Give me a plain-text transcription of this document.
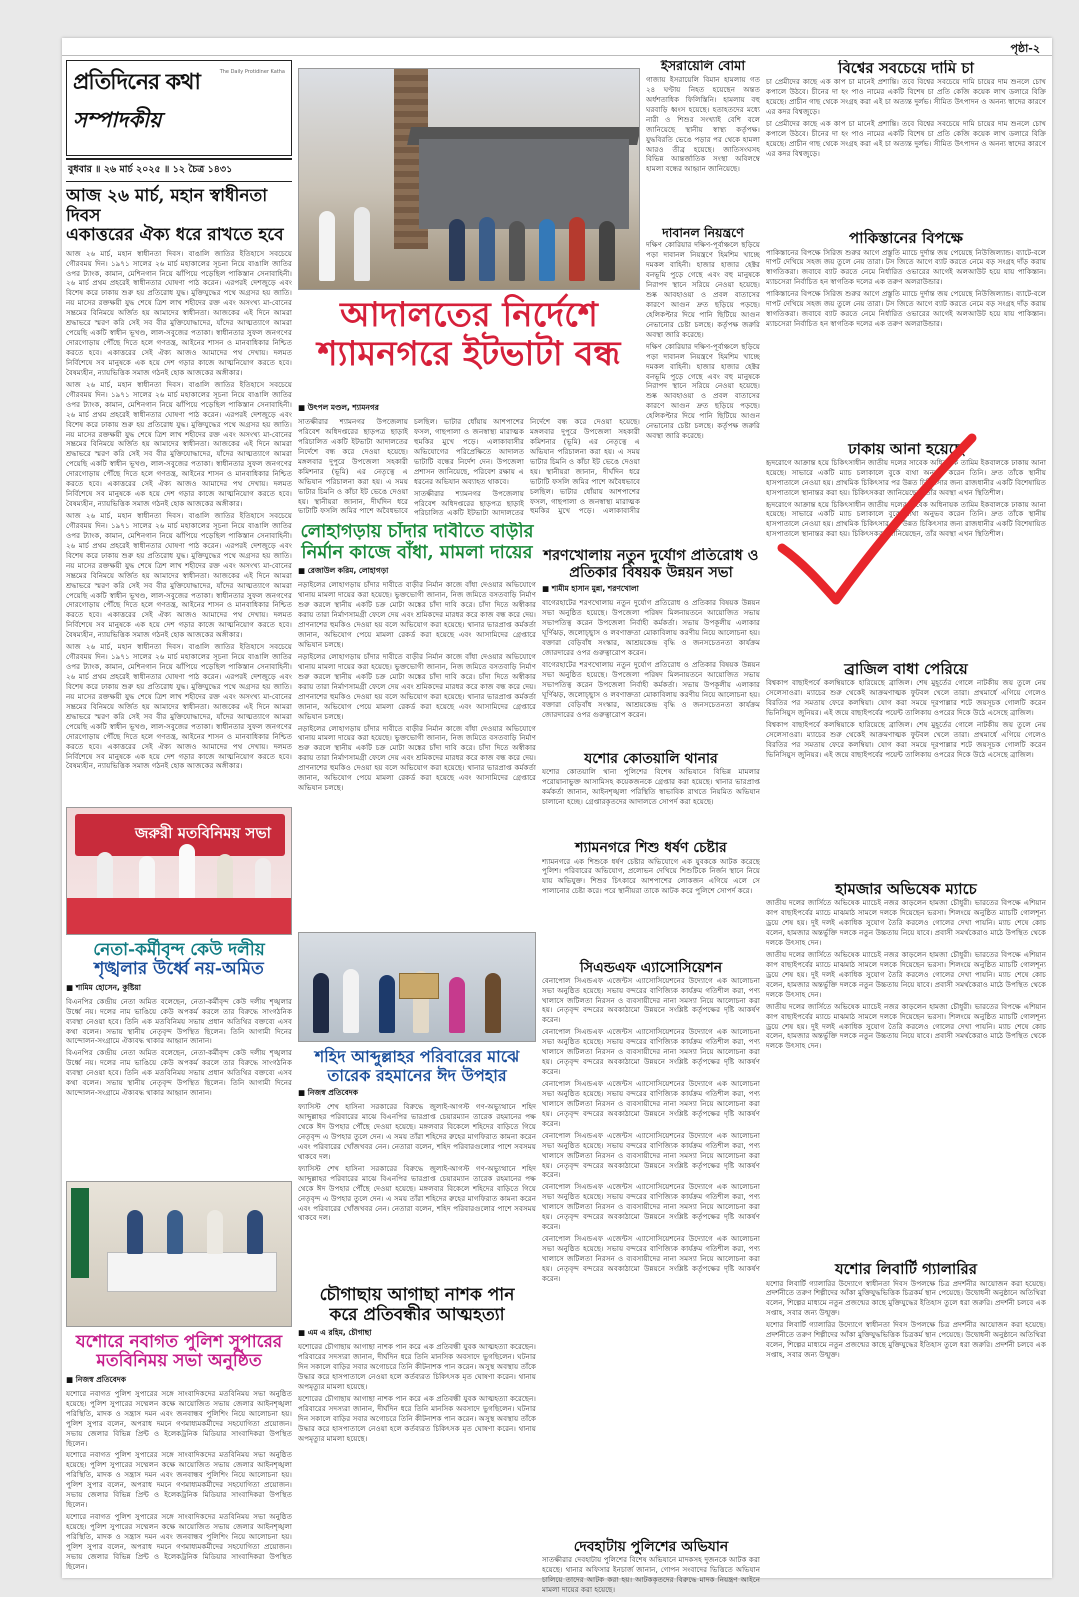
পৃষ্ঠা-২
প্রতিদিনের কথা	The Daily Protidiner Katha
সম্পাদকীয়
বুধবার ॥ ২৬ মার্চ ২০২৫ ॥ ১২ চৈত্র ১৪৩১
আজ ২৬ মার্চ, মহান স্বাধীনতা দিবস
একাত্তরের ঐক্য ধরে রাখতে হবে

আজ ২৬ মার্চ, মহান স্বাধীনতা দিবস। বাঙালি জাতির ইতিহাসে সবচেয়ে গৌরবময় দিন। ১৯৭১ সালের ২৬ মার্চ মহাকালের সূচনা নিয়ে বাঙালি জাতির ওপর ট্যাংক, কামান, মেশিনগান নিয়ে ঝাঁপিয়ে পড়েছিল পাকিস্তান সেনাবাহিনী। ২৬ মার্চ প্রথম প্রহরেই স্বাধীনতার ঘোষণা পাঠ করেন। এরপরই দেশজুড়ে এবং বিশেষ করে ঢাকায় শুরু হয় প্রতিরোধ যুদ্ধ। মুক্তিযুদ্ধের পথে অগ্রসর হয় জাতি। নয় মাসের রক্তক্ষয়ী যুদ্ধ শেষে ত্রিশ লাখ শহীদের রক্ত এবং অসংখ্য মা-বোনের সম্ভ্রমের বিনিময়ে অর্জিত হয় আমাদের স্বাধীনতা। আজকের এই দিনে আমরা শ্রদ্ধাভরে স্মরণ করি সেই সব বীর মুক্তিযোদ্ধাদের, যাঁদের আত্মত্যাগে আমরা পেয়েছি একটি স্বাধীন ভূখণ্ড, লাল-সবুজের পতাকা। স্বাধীনতার সুফল জনগণের দোরগোড়ায় পৌঁছে দিতে হলে গণতন্ত্র, আইনের শাসন ও মানবাধিকার নিশ্চিত করতে হবে। একাত্তরের সেই ঐক্য আজও আমাদের পথ দেখায়। দলমত নির্বিশেষে সব মানুষকে এক হয়ে দেশ গড়ার কাজে আত্মনিয়োগ করতে হবে। বৈষম্যহীন, ন্যায়ভিত্তিক সমাজ গঠনই হোক আজকের অঙ্গীকার।

আজ ২৬ মার্চ, মহান স্বাধীনতা দিবস। বাঙালি জাতির ইতিহাসে সবচেয়ে গৌরবময় দিন। ১৯৭১ সালের ২৬ মার্চ মহাকালের সূচনা নিয়ে বাঙালি জাতির ওপর ট্যাংক, কামান, মেশিনগান নিয়ে ঝাঁপিয়ে পড়েছিল পাকিস্তান সেনাবাহিনী। ২৬ মার্চ প্রথম প্রহরেই স্বাধীনতার ঘোষণা পাঠ করেন। এরপরই দেশজুড়ে এবং বিশেষ করে ঢাকায় শুরু হয় প্রতিরোধ যুদ্ধ। মুক্তিযুদ্ধের পথে অগ্রসর হয় জাতি। নয় মাসের রক্তক্ষয়ী যুদ্ধ শেষে ত্রিশ লাখ শহীদের রক্ত এবং অসংখ্য মা-বোনের সম্ভ্রমের বিনিময়ে অর্জিত হয় আমাদের স্বাধীনতা। আজকের এই দিনে আমরা শ্রদ্ধাভরে স্মরণ করি সেই সব বীর মুক্তিযোদ্ধাদের, যাঁদের আত্মত্যাগে আমরা পেয়েছি একটি স্বাধীন ভূখণ্ড, লাল-সবুজের পতাকা। স্বাধীনতার সুফল জনগণের দোরগোড়ায় পৌঁছে দিতে হলে গণতন্ত্র, আইনের শাসন ও মানবাধিকার নিশ্চিত করতে হবে। একাত্তরের সেই ঐক্য আজও আমাদের পথ দেখায়। দলমত নির্বিশেষে সব মানুষকে এক হয়ে দেশ গড়ার কাজে আত্মনিয়োগ করতে হবে। বৈষম্যহীন, ন্যায়ভিত্তিক সমাজ গঠনই হোক আজকের অঙ্গীকার।

আজ ২৬ মার্চ, মহান স্বাধীনতা দিবস। বাঙালি জাতির ইতিহাসে সবচেয়ে গৌরবময় দিন। ১৯৭১ সালের ২৬ মার্চ মহাকালের সূচনা নিয়ে বাঙালি জাতির ওপর ট্যাংক, কামান, মেশিনগান নিয়ে ঝাঁপিয়ে পড়েছিল পাকিস্তান সেনাবাহিনী। ২৬ মার্চ প্রথম প্রহরেই স্বাধীনতার ঘোষণা পাঠ করেন। এরপরই দেশজুড়ে এবং বিশেষ করে ঢাকায় শুরু হয় প্রতিরোধ যুদ্ধ। মুক্তিযুদ্ধের পথে অগ্রসর হয় জাতি। নয় মাসের রক্তক্ষয়ী যুদ্ধ শেষে ত্রিশ লাখ শহীদের রক্ত এবং অসংখ্য মা-বোনের সম্ভ্রমের বিনিময়ে অর্জিত হয় আমাদের স্বাধীনতা। আজকের এই দিনে আমরা শ্রদ্ধাভরে স্মরণ করি সেই সব বীর মুক্তিযোদ্ধাদের, যাঁদের আত্মত্যাগে আমরা পেয়েছি একটি স্বাধীন ভূখণ্ড, লাল-সবুজের পতাকা। স্বাধীনতার সুফল জনগণের দোরগোড়ায় পৌঁছে দিতে হলে গণতন্ত্র, আইনের শাসন ও মানবাধিকার নিশ্চিত করতে হবে। একাত্তরের সেই ঐক্য আজও আমাদের পথ দেখায়। দলমত নির্বিশেষে সব মানুষকে এক হয়ে দেশ গড়ার কাজে আত্মনিয়োগ করতে হবে। বৈষম্যহীন, ন্যায়ভিত্তিক সমাজ গঠনই হোক আজকের অঙ্গীকার।

আজ ২৬ মার্চ, মহান স্বাধীনতা দিবস। বাঙালি জাতির ইতিহাসে সবচেয়ে গৌরবময় দিন। ১৯৭১ সালের ২৬ মার্চ মহাকালের সূচনা নিয়ে বাঙালি জাতির ওপর ট্যাংক, কামান, মেশিনগান নিয়ে ঝাঁপিয়ে পড়েছিল পাকিস্তান সেনাবাহিনী। ২৬ মার্চ প্রথম প্রহরেই স্বাধীনতার ঘোষণা পাঠ করেন। এরপরই দেশজুড়ে এবং বিশেষ করে ঢাকায় শুরু হয় প্রতিরোধ যুদ্ধ। মুক্তিযুদ্ধের পথে অগ্রসর হয় জাতি। নয় মাসের রক্তক্ষয়ী যুদ্ধ শেষে ত্রিশ লাখ শহীদের রক্ত এবং অসংখ্য মা-বোনের সম্ভ্রমের বিনিময়ে অর্জিত হয় আমাদের স্বাধীনতা। আজকের এই দিনে আমরা শ্রদ্ধাভরে স্মরণ করি সেই সব বীর মুক্তিযোদ্ধাদের, যাঁদের আত্মত্যাগে আমরা পেয়েছি একটি স্বাধীন ভূখণ্ড, লাল-সবুজের পতাকা। স্বাধীনতার সুফল জনগণের দোরগোড়ায় পৌঁছে দিতে হলে গণতন্ত্র, আইনের শাসন ও মানবাধিকার নিশ্চিত করতে হবে। একাত্তরের সেই ঐক্য আজও আমাদের পথ দেখায়। দলমত নির্বিশেষে সব মানুষকে এক হয়ে দেশ গড়ার কাজে আত্মনিয়োগ করতে হবে। বৈষম্যহীন, ন্যায়ভিত্তিক সমাজ গঠনই হোক আজকের অঙ্গীকার।

জরুরী মতবিনিময় সভা
নেতা-কর্মীবৃন্দ কেউ দলীয়
শৃঙ্খলার উর্ধ্বে নয়-অমিত
■ শামিম হোসেন, কুষ্টিয়া

বিএনপির কেন্দ্রীয় নেতা অমিত বলেছেন, নেতা-কর্মীবৃন্দ কেউ দলীয় শৃঙ্খলার উর্ধ্বে নয়। দলের নাম ভাঙিয়ে কেউ অপকর্ম করলে তার বিরুদ্ধে সাংগঠনিক ব্যবস্থা নেওয়া হবে। তিনি এক মতবিনিময় সভায় প্রধান অতিথির বক্তব্যে এসব কথা বলেন। সভায় স্থানীয় নেতৃবৃন্দ উপস্থিত ছিলেন। তিনি আগামী দিনের আন্দোলন-সংগ্রামে ঐক্যবদ্ধ থাকার আহ্বান জানান।

বিএনপির কেন্দ্রীয় নেতা অমিত বলেছেন, নেতা-কর্মীবৃন্দ কেউ দলীয় শৃঙ্খলার উর্ধ্বে নয়। দলের নাম ভাঙিয়ে কেউ অপকর্ম করলে তার বিরুদ্ধে সাংগঠনিক ব্যবস্থা নেওয়া হবে। তিনি এক মতবিনিময় সভায় প্রধান অতিথির বক্তব্যে এসব কথা বলেন। সভায় স্থানীয় নেতৃবৃন্দ উপস্থিত ছিলেন। তিনি আগামী দিনের আন্দোলন-সংগ্রামে ঐক্যবদ্ধ থাকার আহ্বান জানান।

যশোরে নবাগত পুলিশ সুপারের
মতবিনিময় সভা অনুষ্ঠিত
■ নিজস্ব প্রতিবেদক

যশোরে নবাগত পুলিশ সুপারের সঙ্গে সাংবাদিকদের মতবিনিময় সভা অনুষ্ঠিত হয়েছে। পুলিশ সুপারের সম্মেলন কক্ষে আয়োজিত সভায় জেলার আইনশৃঙ্খলা পরিস্থিতি, মাদক ও সন্ত্রাস দমন এবং জনবান্ধব পুলিশিং নিয়ে আলোচনা হয়। পুলিশ সুপার বলেন, অপরাধ দমনে গণমাধ্যমকর্মীদের সহযোগিতা প্রয়োজন। সভায় জেলার বিভিন্ন প্রিন্ট ও ইলেকট্রনিক মিডিয়ার সাংবাদিকরা উপস্থিত ছিলেন।

যশোরে নবাগত পুলিশ সুপারের সঙ্গে সাংবাদিকদের মতবিনিময় সভা অনুষ্ঠিত হয়েছে। পুলিশ সুপারের সম্মেলন কক্ষে আয়োজিত সভায় জেলার আইনশৃঙ্খলা পরিস্থিতি, মাদক ও সন্ত্রাস দমন এবং জনবান্ধব পুলিশিং নিয়ে আলোচনা হয়। পুলিশ সুপার বলেন, অপরাধ দমনে গণমাধ্যমকর্মীদের সহযোগিতা প্রয়োজন। সভায় জেলার বিভিন্ন প্রিন্ট ও ইলেকট্রনিক মিডিয়ার সাংবাদিকরা উপস্থিত ছিলেন।

যশোরে নবাগত পুলিশ সুপারের সঙ্গে সাংবাদিকদের মতবিনিময় সভা অনুষ্ঠিত হয়েছে। পুলিশ সুপারের সম্মেলন কক্ষে আয়োজিত সভায় জেলার আইনশৃঙ্খলা পরিস্থিতি, মাদক ও সন্ত্রাস দমন এবং জনবান্ধব পুলিশিং নিয়ে আলোচনা হয়। পুলিশ সুপার বলেন, অপরাধ দমনে গণমাধ্যমকর্মীদের সহযোগিতা প্রয়োজন। সভায় জেলার বিভিন্ন প্রিন্ট ও ইলেকট্রনিক মিডিয়ার সাংবাদিকরা উপস্থিত ছিলেন।

ইসরায়েলি বোমা

গাজায় ইসরায়েলি বিমান হামলায় গত ২৪ ঘণ্টায় নিহত হয়েছেন অন্তত অর্ধশতাধিক ফিলিস্তিনি। হামলায় বহু ঘরবাড়ি ধ্বংস হয়েছে। হতাহতদের মধ্যে নারী ও শিশুর সংখ্যাই বেশি বলে জানিয়েছে স্থানীয় স্বাস্থ্য কর্তৃপক্ষ। যুদ্ধবিরতি ভেঙে পড়ার পর থেকে হামলা আরও তীব্র হয়েছে। জাতিসংঘসহ বিভিন্ন আন্তর্জাতিক সংস্থা অবিলম্বে হামলা বন্ধের আহ্বান জানিয়েছে।

দাবানল নিয়ন্ত্রণে

দক্ষিণ কোরিয়ার দক্ষিণ-পূর্বাঞ্চলে ছড়িয়ে পড়া দাবানল নিয়ন্ত্রণে হিমশিম খাচ্ছে দমকল বাহিনী। হাজার হাজার হেক্টর বনভূমি পুড়ে গেছে এবং বহু মানুষকে নিরাপদ স্থানে সরিয়ে নেওয়া হয়েছে। শুষ্ক আবহাওয়া ও প্রবল বাতাসের কারণে আগুন দ্রুত ছড়িয়ে পড়ছে। হেলিকপ্টার দিয়ে পানি ছিটিয়ে আগুন নেভানোর চেষ্টা চলছে। কর্তৃপক্ষ জরুরি অবস্থা জারি করেছে।

দক্ষিণ কোরিয়ার দক্ষিণ-পূর্বাঞ্চলে ছড়িয়ে পড়া দাবানল নিয়ন্ত্রণে হিমশিম খাচ্ছে দমকল বাহিনী। হাজার হাজার হেক্টর বনভূমি পুড়ে গেছে এবং বহু মানুষকে নিরাপদ স্থানে সরিয়ে নেওয়া হয়েছে। শুষ্ক আবহাওয়া ও প্রবল বাতাসের কারণে আগুন দ্রুত ছড়িয়ে পড়ছে। হেলিকপ্টার দিয়ে পানি ছিটিয়ে আগুন নেভানোর চেষ্টা চলছে। কর্তৃপক্ষ জরুরি অবস্থা জারি করেছে।

আদালতের নির্দেশে
শ্যামনগরে ইটভাটা বন্ধ
■ উৎপল মণ্ডল, শ্যামনগর

সাতক্ষীরার শ্যামনগর উপজেলায় পরিবেশ অধিদপ্তরের ছাড়পত্র ছাড়াই পরিচালিত একটি ইটভাটা আদালতের নির্দেশে বন্ধ করে দেওয়া হয়েছে। মঙ্গলবার দুপুরে উপজেলা সহকারী কমিশনার (ভূমি) এর নেতৃত্বে এ অভিযান পরিচালনা করা হয়। এ সময় ভাটার চিমনি ও কাঁচা ইট ভেঙে দেওয়া হয়। স্থানীয়রা জানান, দীর্ঘদিন ধরে ভাটাটি ফসলি জমির পাশে অবৈধভাবে চলছিল। ভাটার ধোঁয়ায় আশপাশের ফসল, গাছপালা ও জনস্বাস্থ্য মারাত্মক হুমকির মুখে পড়ে। এলাকাবাসীর অভিযোগের পরিপ্রেক্ষিতে আদালত ভাটাটি বন্ধের নির্দেশ দেন। উপজেলা প্রশাসন জানিয়েছে, পরিবেশ রক্ষায় এ ধরনের অভিযান অব্যাহত থাকবে।

সাতক্ষীরার শ্যামনগর উপজেলায় পরিবেশ অধিদপ্তরের ছাড়পত্র ছাড়াই পরিচালিত একটি ইটভাটা আদালতের নির্দেশে বন্ধ করে দেওয়া হয়েছে। মঙ্গলবার দুপুরে উপজেলা সহকারী কমিশনার (ভূমি) এর নেতৃত্বে এ অভিযান পরিচালনা করা হয়। এ সময় ভাটার চিমনি ও কাঁচা ইট ভেঙে দেওয়া হয়। স্থানীয়রা জানান, দীর্ঘদিন ধরে ভাটাটি ফসলি জমির পাশে অবৈধভাবে চলছিল। ভাটার ধোঁয়ায় আশপাশের ফসল, গাছপালা ও জনস্বাস্থ্য মারাত্মক হুমকির মুখে পড়ে। এলাকাবাসীর

লোহাগড়ায় চাঁদার দাবীতে বাড়ীর
নির্মান কাজে বাঁধা, মামলা দায়ের
■ রেজাউল করিম, লোহাগড়া

নড়াইলের লোহাগড়ায় চাঁদার দাবীতে বাড়ীর নির্মান কাজে বাঁধা দেওয়ার অভিযোগে থানায় মামলা দায়ের করা হয়েছে। ভুক্তভোগী জানান, নিজ জমিতে বসতবাড়ি নির্মাণ শুরু করলে স্থানীয় একটি চক্র মোটা অঙ্কের চাঁদা দাবি করে। চাঁদা দিতে অস্বীকার করায় তারা নির্মাণসামগ্রী ফেলে দেয় এবং শ্রমিকদের মারধর করে কাজ বন্ধ করে দেয়। প্রাণনাশের হুমকিও দেওয়া হয় বলে অভিযোগ করা হয়েছে। থানার ভারপ্রাপ্ত কর্মকর্তা জানান, অভিযোগ পেয়ে মামলা রেকর্ড করা হয়েছে এবং আসামিদের গ্রেপ্তারে অভিযান চলছে।

নড়াইলের লোহাগড়ায় চাঁদার দাবীতে বাড়ীর নির্মান কাজে বাঁধা দেওয়ার অভিযোগে থানায় মামলা দায়ের করা হয়েছে। ভুক্তভোগী জানান, নিজ জমিতে বসতবাড়ি নির্মাণ শুরু করলে স্থানীয় একটি চক্র মোটা অঙ্কের চাঁদা দাবি করে। চাঁদা দিতে অস্বীকার করায় তারা নির্মাণসামগ্রী ফেলে দেয় এবং শ্রমিকদের মারধর করে কাজ বন্ধ করে দেয়। প্রাণনাশের হুমকিও দেওয়া হয় বলে অভিযোগ করা হয়েছে। থানার ভারপ্রাপ্ত কর্মকর্তা জানান, অভিযোগ পেয়ে মামলা রেকর্ড করা হয়েছে এবং আসামিদের গ্রেপ্তারে অভিযান চলছে।

নড়াইলের লোহাগড়ায় চাঁদার দাবীতে বাড়ীর নির্মান কাজে বাঁধা দেওয়ার অভিযোগে থানায় মামলা দায়ের করা হয়েছে। ভুক্তভোগী জানান, নিজ জমিতে বসতবাড়ি নির্মাণ শুরু করলে স্থানীয় একটি চক্র মোটা অঙ্কের চাঁদা দাবি করে। চাঁদা দিতে অস্বীকার করায় তারা নির্মাণসামগ্রী ফেলে দেয় এবং শ্রমিকদের মারধর করে কাজ বন্ধ করে দেয়। প্রাণনাশের হুমকিও দেওয়া হয় বলে অভিযোগ করা হয়েছে। থানার ভারপ্রাপ্ত কর্মকর্তা জানান, অভিযোগ পেয়ে মামলা রেকর্ড করা হয়েছে এবং আসামিদের গ্রেপ্তারে অভিযান চলছে।

শহিদ আব্দুল্লাহর পরিবারের মাঝে
তারেক রহমানের ঈদ উপহার
■ নিজস্ব প্রতিবেদক

ফ্যাসিস্ট শেখ হাসিনা সরকারের বিরুদ্ধে জুলাই-আগস্ট গণ-অভ্যুত্থানে শহিদ আব্দুল্লাহর পরিবারের মাঝে বিএনপির ভারপ্রাপ্ত চেয়ারম্যান তারেক রহমানের পক্ষ থেকে ঈদ উপহার পৌঁছে দেওয়া হয়েছে। মঙ্গলবার বিকেলে শহিদের বাড়িতে গিয়ে নেতৃবৃন্দ এ উপহার তুলে দেন। এ সময় তাঁরা শহিদের রুহের মাগফিরাত কামনা করেন এবং পরিবারের খোঁজখবর নেন। নেতারা বলেন, শহিদ পরিবারগুলোর পাশে সবসময় থাকবে দল।

ফ্যাসিস্ট শেখ হাসিনা সরকারের বিরুদ্ধে জুলাই-আগস্ট গণ-অভ্যুত্থানে শহিদ আব্দুল্লাহর পরিবারের মাঝে বিএনপির ভারপ্রাপ্ত চেয়ারম্যান তারেক রহমানের পক্ষ থেকে ঈদ উপহার পৌঁছে দেওয়া হয়েছে। মঙ্গলবার বিকেলে শহিদের বাড়িতে গিয়ে নেতৃবৃন্দ এ উপহার তুলে দেন। এ সময় তাঁরা শহিদের রুহের মাগফিরাত কামনা করেন এবং পরিবারের খোঁজখবর নেন। নেতারা বলেন, শহিদ পরিবারগুলোর পাশে সবসময় থাকবে দল।

চৌগাছায় আগাছা নাশক পান
করে প্রতিবন্ধীর আত্মহত্যা
■ এম এ রহিম, চৌগাছা

যশোরের চৌগাছায় আগাছা নাশক পান করে এক প্রতিবন্ধী যুবক আত্মহত্যা করেছেন। পরিবারের সদস্যরা জানান, দীর্ঘদিন ধরে তিনি মানসিক অবসাদে ভুগছিলেন। ঘটনার দিন সকালে বাড়ির সবার অগোচরে তিনি কীটনাশক পান করেন। অসুস্থ অবস্থায় তাঁকে উদ্ধার করে হাসপাতালে নেওয়া হলে কর্তব্যরত চিকিৎসক মৃত ঘোষণা করেন। থানায় অপমৃত্যুর মামলা হয়েছে।

যশোরের চৌগাছায় আগাছা নাশক পান করে এক প্রতিবন্ধী যুবক আত্মহত্যা করেছেন। পরিবারের সদস্যরা জানান, দীর্ঘদিন ধরে তিনি মানসিক অবসাদে ভুগছিলেন। ঘটনার দিন সকালে বাড়ির সবার অগোচরে তিনি কীটনাশক পান করেন। অসুস্থ অবস্থায় তাঁকে উদ্ধার করে হাসপাতালে নেওয়া হলে কর্তব্যরত চিকিৎসক মৃত ঘোষণা করেন। থানায় অপমৃত্যুর মামলা হয়েছে।

শরণখোলায় নতুন দুর্যোগ প্রতিরোধ ও
প্রতিকার বিষয়ক উন্নয়ন সভা
■ শামীম হাসান মুন্না, শরণখোলা

বাগেরহাটের শরণখোলায় নতুন দুর্যোগ প্রতিরোধ ও প্রতিকার বিষয়ক উন্নয়ন সভা অনুষ্ঠিত হয়েছে। উপজেলা পরিষদ মিলনায়তনে আয়োজিত সভায় সভাপতিত্ব করেন উপজেলা নির্বাহী কর্মকর্তা। সভায় উপকূলীয় এলাকার ঘূর্ণিঝড়, জলোচ্ছ্বাস ও লবণাক্ততা মোকাবিলায় করণীয় নিয়ে আলোচনা হয়। বক্তারা বেড়িবাঁধ সংস্কার, আশ্রয়কেন্দ্র বৃদ্ধি ও জনসচেতনতা কার্যক্রম জোরদারের ওপর গুরুত্বারোপ করেন।

বাগেরহাটের শরণখোলায় নতুন দুর্যোগ প্রতিরোধ ও প্রতিকার বিষয়ক উন্নয়ন সভা অনুষ্ঠিত হয়েছে। উপজেলা পরিষদ মিলনায়তনে আয়োজিত সভায় সভাপতিত্ব করেন উপজেলা নির্বাহী কর্মকর্তা। সভায় উপকূলীয় এলাকার ঘূর্ণিঝড়, জলোচ্ছ্বাস ও লবণাক্ততা মোকাবিলায় করণীয় নিয়ে আলোচনা হয়। বক্তারা বেড়িবাঁধ সংস্কার, আশ্রয়কেন্দ্র বৃদ্ধি ও জনসচেতনতা কার্যক্রম জোরদারের ওপর গুরুত্বারোপ করেন।

যশোর কোতয়ালি থানার

যশোর কোতয়ালি থানা পুলিশের বিশেষ অভিযানে বিভিন্ন মামলার পরোয়ানাভুক্ত আসামিসহ কয়েকজনকে গ্রেপ্তার করা হয়েছে। থানার ভারপ্রাপ্ত কর্মকর্তা জানান, আইনশৃঙ্খলা পরিস্থিতি স্বাভাবিক রাখতে নিয়মিত অভিযান চালানো হচ্ছে। গ্রেপ্তারকৃতদের আদালতে সোপর্দ করা হয়েছে।

শ্যামনগরে শিশু ধর্ষণ চেষ্টার

শ্যামনগরে এক শিশুকে ধর্ষণ চেষ্টার অভিযোগে এক যুবককে আটক করেছে পুলিশ। পরিবারের অভিযোগ, প্রলোভন দেখিয়ে শিশুটিকে নির্জন স্থানে নিয়ে যায় অভিযুক্ত। শিশুর চিৎকারে আশপাশের লোকজন এগিয়ে এলে সে পালানোর চেষ্টা করে। পরে স্থানীয়রা তাকে আটক করে পুলিশে সোপর্দ করে।

সিএন্ডএফ এ্যাসোসিয়েশন

বেনাপোল সিএন্ডএফ এজেন্টস এ্যাসোসিয়েশনের উদ্যোগে এক আলোচনা সভা অনুষ্ঠিত হয়েছে। সভায় বন্দরের বাণিজ্যিক কার্যক্রম গতিশীল করা, পণ্য খালাসে জটিলতা নিরসন ও ব্যবসায়ীদের নানা সমস্যা নিয়ে আলোচনা করা হয়। নেতৃবৃন্দ বন্দরের অবকাঠামো উন্নয়নে সংশ্লিষ্ট কর্তৃপক্ষের দৃষ্টি আকর্ষণ করেন।

বেনাপোল সিএন্ডএফ এজেন্টস এ্যাসোসিয়েশনের উদ্যোগে এক আলোচনা সভা অনুষ্ঠিত হয়েছে। সভায় বন্দরের বাণিজ্যিক কার্যক্রম গতিশীল করা, পণ্য খালাসে জটিলতা নিরসন ও ব্যবসায়ীদের নানা সমস্যা নিয়ে আলোচনা করা হয়। নেতৃবৃন্দ বন্দরের অবকাঠামো উন্নয়নে সংশ্লিষ্ট কর্তৃপক্ষের দৃষ্টি আকর্ষণ করেন।

বেনাপোল সিএন্ডএফ এজেন্টস এ্যাসোসিয়েশনের উদ্যোগে এক আলোচনা সভা অনুষ্ঠিত হয়েছে। সভায় বন্দরের বাণিজ্যিক কার্যক্রম গতিশীল করা, পণ্য খালাসে জটিলতা নিরসন ও ব্যবসায়ীদের নানা সমস্যা নিয়ে আলোচনা করা হয়। নেতৃবৃন্দ বন্দরের অবকাঠামো উন্নয়নে সংশ্লিষ্ট কর্তৃপক্ষের দৃষ্টি আকর্ষণ করেন।

বেনাপোল সিএন্ডএফ এজেন্টস এ্যাসোসিয়েশনের উদ্যোগে এক আলোচনা সভা অনুষ্ঠিত হয়েছে। সভায় বন্দরের বাণিজ্যিক কার্যক্রম গতিশীল করা, পণ্য খালাসে জটিলতা নিরসন ও ব্যবসায়ীদের নানা সমস্যা নিয়ে আলোচনা করা হয়। নেতৃবৃন্দ বন্দরের অবকাঠামো উন্নয়নে সংশ্লিষ্ট কর্তৃপক্ষের দৃষ্টি আকর্ষণ করেন।

বেনাপোল সিএন্ডএফ এজেন্টস এ্যাসোসিয়েশনের উদ্যোগে এক আলোচনা সভা অনুষ্ঠিত হয়েছে। সভায় বন্দরের বাণিজ্যিক কার্যক্রম গতিশীল করা, পণ্য খালাসে জটিলতা নিরসন ও ব্যবসায়ীদের নানা সমস্যা নিয়ে আলোচনা করা হয়। নেতৃবৃন্দ বন্দরের অবকাঠামো উন্নয়নে সংশ্লিষ্ট কর্তৃপক্ষের দৃষ্টি আকর্ষণ করেন।

বেনাপোল সিএন্ডএফ এজেন্টস এ্যাসোসিয়েশনের উদ্যোগে এক আলোচনা সভা অনুষ্ঠিত হয়েছে। সভায় বন্দরের বাণিজ্যিক কার্যক্রম গতিশীল করা, পণ্য খালাসে জটিলতা নিরসন ও ব্যবসায়ীদের নানা সমস্যা নিয়ে আলোচনা করা হয়। নেতৃবৃন্দ বন্দরের অবকাঠামো উন্নয়নে সংশ্লিষ্ট কর্তৃপক্ষের দৃষ্টি আকর্ষণ করেন।

দেবহাটায় পুলিশের অভিযান

সাতক্ষীরার দেবহাটায় পুলিশের বিশেষ অভিযানে মাদকসহ দুজনকে আটক করা হয়েছে। থানার অফিসার ইনচার্জ জানান, গোপন সংবাদের ভিত্তিতে অভিযান চালিয়ে তাদের আটক করা হয়। আটককৃতদের বিরুদ্ধে মাদক নিয়ন্ত্রণ আইনে মামলা দায়ের করা হয়েছে।

বিশ্বের সবচেয়ে দামি চা

চা প্রেমীদের কাছে এক কাপ চা মানেই প্রশান্তি। তবে বিশ্বের সবচেয়ে দামি চায়ের দাম শুনলে চোখ কপালে উঠবে। চীনের দা হং পাও নামের একটি বিশেষ চা প্রতি কেজি কয়েক লাখ ডলারে বিক্রি হয়েছে। প্রাচীন গাছ থেকে সংগ্রহ করা এই চা অত্যন্ত দুর্লভ। সীমিত উৎপাদন ও অনন্য স্বাদের কারণে এর কদর বিশ্বজুড়ে।

চা প্রেমীদের কাছে এক কাপ চা মানেই প্রশান্তি। তবে বিশ্বের সবচেয়ে দামি চায়ের দাম শুনলে চোখ কপালে উঠবে। চীনের দা হং পাও নামের একটি বিশেষ চা প্রতি কেজি কয়েক লাখ ডলারে বিক্রি হয়েছে। প্রাচীন গাছ থেকে সংগ্রহ করা এই চা অত্যন্ত দুর্লভ। সীমিত উৎপাদন ও অনন্য স্বাদের কারণে এর কদর বিশ্বজুড়ে।

পাকিস্তানের বিপক্ষে

পাকিস্তানের বিপক্ষে সিরিজ শুরুর আগে প্রস্তুতি ম্যাচে দুর্দান্ত জয় পেয়েছে নিউজিল্যান্ড। ব্যাটে-বলে দাপট দেখিয়ে সহজ জয় তুলে নেয় তারা। টস জিতে আগে ব্যাট করতে নেমে বড় সংগ্রহ দাঁড় করায় স্বাগতিকরা। জবাবে ব্যাট করতে নেমে নির্ধারিত ওভারের আগেই অলআউট হয়ে যায় পাকিস্তান। ম্যাচসেরা নির্বাচিত হন স্বাগতিক দলের এক তরুণ অলরাউন্ডার।

পাকিস্তানের বিপক্ষে সিরিজ শুরুর আগে প্রস্তুতি ম্যাচে দুর্দান্ত জয় পেয়েছে নিউজিল্যান্ড। ব্যাটে-বলে দাপট দেখিয়ে সহজ জয় তুলে নেয় তারা। টস জিতে আগে ব্যাট করতে নেমে বড় সংগ্রহ দাঁড় করায় স্বাগতিকরা। জবাবে ব্যাট করতে নেমে নির্ধারিত ওভারের আগেই অলআউট হয়ে যায় পাকিস্তান। ম্যাচসেরা নির্বাচিত হন স্বাগতিক দলের এক তরুণ অলরাউন্ডার।

ঢাকায় আনা হয়েছে

হৃদরোগে আক্রান্ত হয়ে চিকিৎসাধীন জাতীয় দলের সাবেক অধিনায়ক তামিম ইকবালকে ঢাকায় আনা হয়েছে। সাভারে একটি ম্যাচ চলাকালে বুকে ব্যথা অনুভব করেন তিনি। দ্রুত তাঁকে স্থানীয় হাসপাতালে নেওয়া হয়। প্রাথমিক চিকিৎসার পর উন্নত চিকিৎসার জন্য রাজধানীর একটি বিশেষায়িত হাসপাতালে স্থানান্তর করা হয়। চিকিৎসকরা জানিয়েছেন, তাঁর অবস্থা এখন স্থিতিশীল।

হৃদরোগে আক্রান্ত হয়ে চিকিৎসাধীন জাতীয় দলের সাবেক অধিনায়ক তামিম ইকবালকে ঢাকায় আনা হয়েছে। সাভারে একটি ম্যাচ চলাকালে বুকে ব্যথা অনুভব করেন তিনি। দ্রুত তাঁকে স্থানীয় হাসপাতালে নেওয়া হয়। প্রাথমিক চিকিৎসার পর উন্নত চিকিৎসার জন্য রাজধানীর একটি বিশেষায়িত হাসপাতালে স্থানান্তর করা হয়। চিকিৎসকরা জানিয়েছেন, তাঁর অবস্থা এখন স্থিতিশীল।

ব্রাজিল বাধা পেরিয়ে

বিশ্বকাপ বাছাইপর্বে কলম্বিয়াকে হারিয়েছে ব্রাজিল। শেষ মুহূর্তের গোলে নাটকীয় জয় তুলে নেয় সেলেসাওরা। ম্যাচের শুরু থেকেই আক্রমণাত্মক ফুটবল খেলে তারা। প্রথমার্ধে এগিয়ে গেলেও বিরতির পর সমতায় ফেরে কলম্বিয়া। যোগ করা সময়ে দূরপাল্লার শটে জয়সূচক গোলটি করেন ভিনিসিয়ুস জুনিয়র। এই জয়ে বাছাইপর্বের পয়েন্ট তালিকায় ওপরের দিকে উঠে এসেছে ব্রাজিল।

বিশ্বকাপ বাছাইপর্বে কলম্বিয়াকে হারিয়েছে ব্রাজিল। শেষ মুহূর্তের গোলে নাটকীয় জয় তুলে নেয় সেলেসাওরা। ম্যাচের শুরু থেকেই আক্রমণাত্মক ফুটবল খেলে তারা। প্রথমার্ধে এগিয়ে গেলেও বিরতির পর সমতায় ফেরে কলম্বিয়া। যোগ করা সময়ে দূরপাল্লার শটে জয়সূচক গোলটি করেন ভিনিসিয়ুস জুনিয়র। এই জয়ে বাছাইপর্বের পয়েন্ট তালিকায় ওপরের দিকে উঠে এসেছে ব্রাজিল।

হামজার অভিষেক ম্যাচে

জাতীয় দলের জার্সিতে অভিষেক ম্যাচেই নজর কাড়লেন হামজা চৌধুরী। ভারতের বিপক্ষে এশিয়ান কাপ বাছাইপর্বের ম্যাচে মাঝমাঠ সামলে দলকে দিয়েছেন ভরসা। শিলংয়ে অনুষ্ঠিত ম্যাচটি গোলশূন্য ড্রয়ে শেষ হয়। দুই দলই একাধিক সুযোগ তৈরি করলেও গোলের দেখা পায়নি। ম্যাচ শেষে কোচ বলেন, হামজার অন্তর্ভুক্তি দলকে নতুন উচ্চতায় নিয়ে যাবে। প্রবাসী সমর্থকেরাও মাঠে উপস্থিত থেকে দলকে উৎসাহ দেন।

জাতীয় দলের জার্সিতে অভিষেক ম্যাচেই নজর কাড়লেন হামজা চৌধুরী। ভারতের বিপক্ষে এশিয়ান কাপ বাছাইপর্বের ম্যাচে মাঝমাঠ সামলে দলকে দিয়েছেন ভরসা। শিলংয়ে অনুষ্ঠিত ম্যাচটি গোলশূন্য ড্রয়ে শেষ হয়। দুই দলই একাধিক সুযোগ তৈরি করলেও গোলের দেখা পায়নি। ম্যাচ শেষে কোচ বলেন, হামজার অন্তর্ভুক্তি দলকে নতুন উচ্চতায় নিয়ে যাবে। প্রবাসী সমর্থকেরাও মাঠে উপস্থিত থেকে দলকে উৎসাহ দেন।

জাতীয় দলের জার্সিতে অভিষেক ম্যাচেই নজর কাড়লেন হামজা চৌধুরী। ভারতের বিপক্ষে এশিয়ান কাপ বাছাইপর্বের ম্যাচে মাঝমাঠ সামলে দলকে দিয়েছেন ভরসা। শিলংয়ে অনুষ্ঠিত ম্যাচটি গোলশূন্য ড্রয়ে শেষ হয়। দুই দলই একাধিক সুযোগ তৈরি করলেও গোলের দেখা পায়নি। ম্যাচ শেষে কোচ বলেন, হামজার অন্তর্ভুক্তি দলকে নতুন উচ্চতায় নিয়ে যাবে। প্রবাসী সমর্থকেরাও মাঠে উপস্থিত থেকে দলকে উৎসাহ দেন।

যশোর লিবার্টি গ্যালারির

যশোর লিবার্টি গ্যালারির উদ্যোগে স্বাধীনতা দিবস উপলক্ষে চিত্র প্রদর্শনীর আয়োজন করা হয়েছে। প্রদর্শনীতে তরুণ শিল্পীদের আঁকা মুক্তিযুদ্ধভিত্তিক চিত্রকর্ম স্থান পেয়েছে। উদ্বোধনী অনুষ্ঠানে অতিথিরা বলেন, শিল্পের মাধ্যমে নতুন প্রজন্মের কাছে মুক্তিযুদ্ধের ইতিহাস তুলে ধরা জরুরি। প্রদর্শনী চলবে এক সপ্তাহ, সবার জন্য উন্মুক্ত।

যশোর লিবার্টি গ্যালারির উদ্যোগে স্বাধীনতা দিবস উপলক্ষে চিত্র প্রদর্শনীর আয়োজন করা হয়েছে। প্রদর্শনীতে তরুণ শিল্পীদের আঁকা মুক্তিযুদ্ধভিত্তিক চিত্রকর্ম স্থান পেয়েছে। উদ্বোধনী অনুষ্ঠানে অতিথিরা বলেন, শিল্পের মাধ্যমে নতুন প্রজন্মের কাছে মুক্তিযুদ্ধের ইতিহাস তুলে ধরা জরুরি। প্রদর্শনী চলবে এক সপ্তাহ, সবার জন্য উন্মুক্ত।
